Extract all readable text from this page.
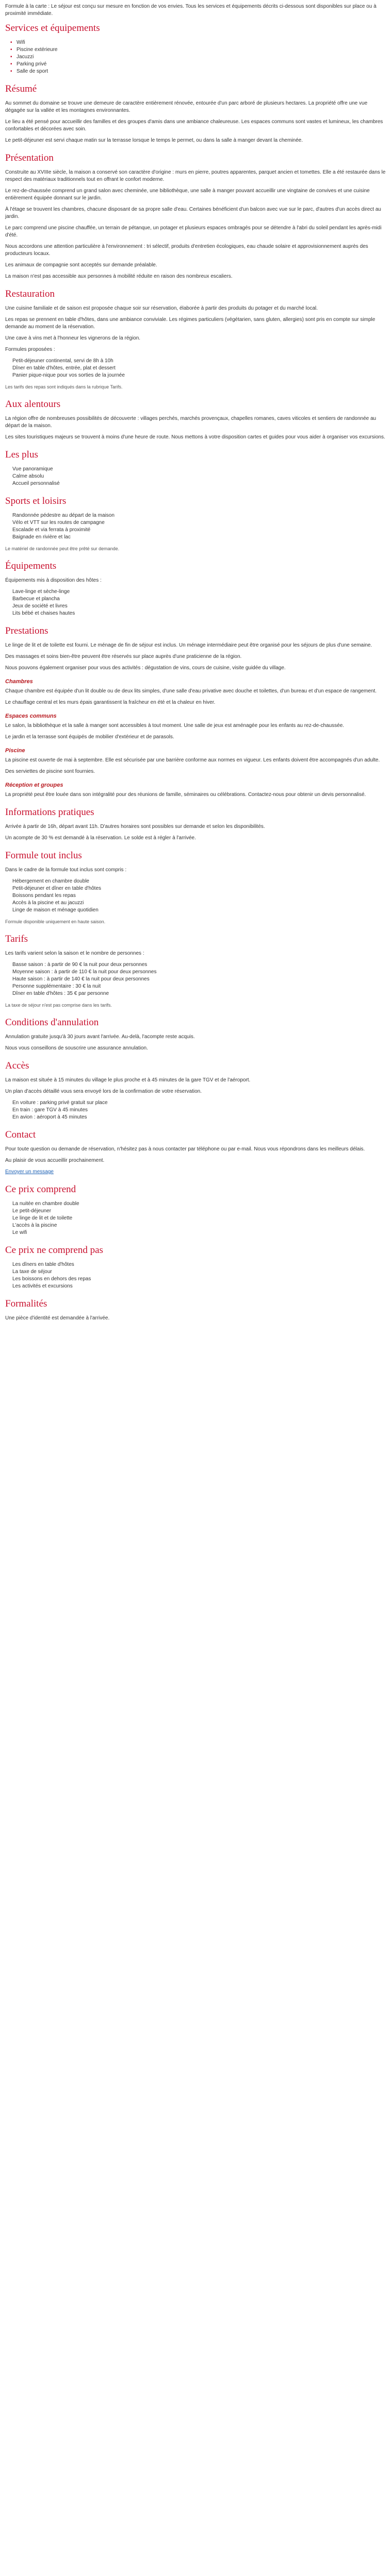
Formule à la carte : Le séjour est conçu sur mesure en fonction de vos envies. Tous les services et équipements décrits ci-dessous sont disponibles sur place ou à proximité immédiate.

Services et équipements
▪ Wifi
▪ Piscine extérieure
▪ Jacuzzi
▪ Parking privé
▪ Salle de sport
Résumé

Au sommet du domaine se trouve une demeure de caractère entièrement rénovée, entourée d'un parc arboré de plusieurs hectares. La propriété offre une vue dégagée sur la vallée et les montagnes environnantes.

Le lieu a été pensé pour accueillir des familles et des groupes d'amis dans une ambiance chaleureuse. Les espaces communs sont vastes et lumineux, les chambres confortables et décorées avec soin.

Le petit-déjeuner est servi chaque matin sur la terrasse lorsque le temps le permet, ou dans la salle à manger devant la cheminée.

Présentation

Construite au XVIIIe siècle, la maison a conservé son caractère d'origine : murs en pierre, poutres apparentes, parquet ancien et tomettes. Elle a été restaurée dans le respect des matériaux traditionnels tout en offrant le confort moderne.

Le rez-de-chaussée comprend un grand salon avec cheminée, une bibliothèque, une salle à manger pouvant accueillir une vingtaine de convives et une cuisine entièrement équipée donnant sur le jardin.

À l'étage se trouvent les chambres, chacune disposant de sa propre salle d'eau. Certaines bénéficient d'un balcon avec vue sur le parc, d'autres d'un accès direct au jardin.

Le parc comprend une piscine chauffée, un terrain de pétanque, un potager et plusieurs espaces ombragés pour se détendre à l'abri du soleil pendant les après-midi d'été.

Nous accordons une attention particulière à l'environnement : tri sélectif, produits d'entretien écologiques, eau chaude solaire et approvisionnement auprès des producteurs locaux.

Les animaux de compagnie sont acceptés sur demande préalable.

La maison n'est pas accessible aux personnes à mobilité réduite en raison des nombreux escaliers.

Restauration

Une cuisine familiale et de saison est proposée chaque soir sur réservation, élaborée à partir des produits du potager et du marché local.

Les repas se prennent en table d'hôtes, dans une ambiance conviviale. Les régimes particuliers (végétarien, sans gluten, allergies) sont pris en compte sur simple demande au moment de la réservation.

Une cave à vins met à l'honneur les vignerons de la région.

Formules proposées :

Petit-déjeuner continental, servi de 8h à 10h
Dîner en table d'hôtes, entrée, plat et dessert
Panier pique-nique pour vos sorties de la journée

Les tarifs des repas sont indiqués dans la rubrique Tarifs.

Aux alentours

La région offre de nombreuses possibilités de découverte : villages perchés, marchés provençaux, chapelles romanes, caves viticoles et sentiers de randonnée au départ de la maison.

Les sites touristiques majeurs se trouvent à moins d'une heure de route. Nous mettons à votre disposition cartes et guides pour vous aider à organiser vos excursions.

Les plus
Vue panoramique
Calme absolu
Accueil personnalisé
Sports et loisirs
Randonnée pédestre au départ de la maison
Vélo et VTT sur les routes de campagne
Escalade et via ferrata à proximité
Baignade en rivière et lac

Le matériel de randonnée peut être prêté sur demande.

Équipements

Équipements mis à disposition des hôtes :

Lave-linge et sèche-linge
Barbecue et plancha
Jeux de société et livres
Lits bébé et chaises hautes
Prestations

Le linge de lit et de toilette est fourni. Le ménage de fin de séjour est inclus. Un ménage intermédiaire peut être organisé pour les séjours de plus d'une semaine.

Des massages et soins bien-être peuvent être réservés sur place auprès d'une praticienne de la région.

Nous pouvons également organiser pour vous des activités : dégustation de vins, cours de cuisine, visite guidée du village.

Chambres

Chaque chambre est équipée d'un lit double ou de deux lits simples, d'une salle d'eau privative avec douche et toilettes, d'un bureau et d'un espace de rangement.

Le chauffage central et les murs épais garantissent la fraîcheur en été et la chaleur en hiver.

Espaces communs

Le salon, la bibliothèque et la salle à manger sont accessibles à tout moment. Une salle de jeux est aménagée pour les enfants au rez-de-chaussée.

Le jardin et la terrasse sont équipés de mobilier d'extérieur et de parasols.

Piscine

La piscine est ouverte de mai à septembre. Elle est sécurisée par une barrière conforme aux normes en vigueur. Les enfants doivent être accompagnés d'un adulte.

Des serviettes de piscine sont fournies.

Réception et groupes

La propriété peut être louée dans son intégralité pour des réunions de famille, séminaires ou célébrations. Contactez-nous pour obtenir un devis personnalisé.

Informations pratiques

Arrivée à partir de 16h, départ avant 11h. D'autres horaires sont possibles sur demande et selon les disponibilités.

Un acompte de 30 % est demandé à la réservation. Le solde est à régler à l'arrivée.

Formule tout inclus

Dans le cadre de la formule tout inclus sont compris :

Hébergement en chambre double
Petit-déjeuner et dîner en table d'hôtes
Boissons pendant les repas
Accès à la piscine et au jacuzzi
Linge de maison et ménage quotidien

Formule disponible uniquement en haute saison.

Tarifs

Les tarifs varient selon la saison et le nombre de personnes :

Basse saison : à partir de 90 € la nuit pour deux personnes
Moyenne saison : à partir de 110 € la nuit pour deux personnes
Haute saison : à partir de 140 € la nuit pour deux personnes
Personne supplémentaire : 30 € la nuit
Dîner en table d'hôtes : 35 € par personne

La taxe de séjour n'est pas comprise dans les tarifs.

Conditions d'annulation

Annulation gratuite jusqu'à 30 jours avant l'arrivée. Au-delà, l'acompte reste acquis.

Nous vous conseillons de souscrire une assurance annulation.

Accès

La maison est située à 15 minutes du village le plus proche et à 45 minutes de la gare TGV et de l'aéroport.

Un plan d'accès détaillé vous sera envoyé lors de la confirmation de votre réservation.

En voiture : parking privé gratuit sur place
En train : gare TGV à 45 minutes
En avion : aéroport à 45 minutes
Contact

Pour toute question ou demande de réservation, n'hésitez pas à nous contacter par téléphone ou par e-mail. Nous vous répondrons dans les meilleurs délais.

Au plaisir de vous accueillir prochainement.

Envoyer un message

Ce prix comprend
La nuitée en chambre double
Le petit-déjeuner
Le linge de lit et de toilette
L'accès à la piscine
Le wifi
Ce prix ne comprend pas
Les dîners en table d'hôtes
La taxe de séjour
Les boissons en dehors des repas
Les activités et excursions
Formalités

Une pièce d'identité est demandée à l'arrivée.
